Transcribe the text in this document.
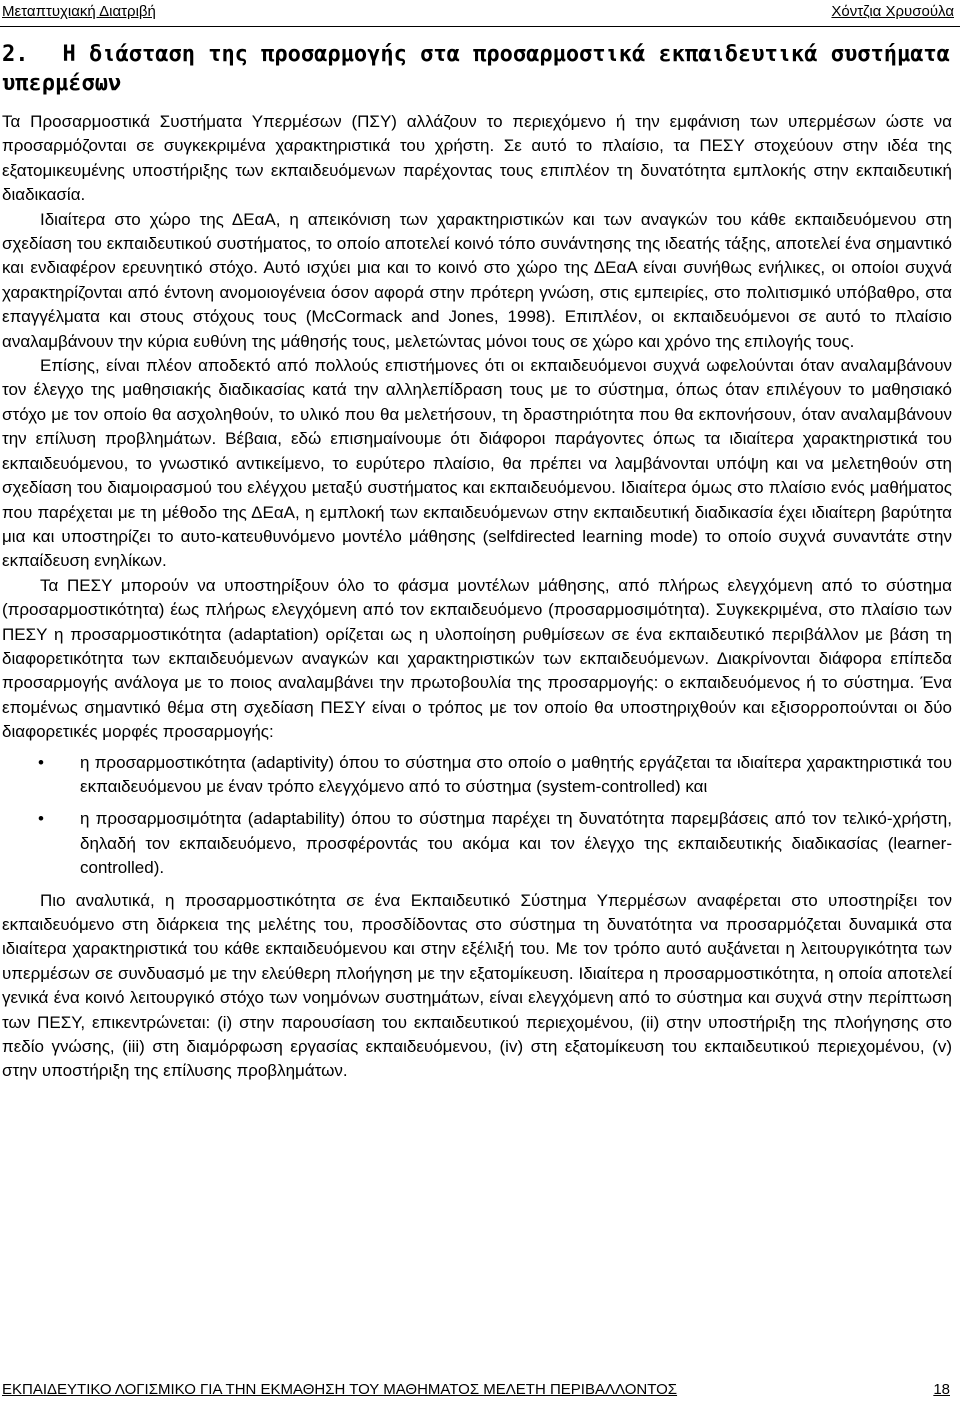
Μεταπτυχιακή Διατριβή	Χόντζια Χρυσούλα
2. Η διάσταση της προσαρμογής στα προσαρμοστικά εκπαιδευτικά συστήματα υπερμέσων

Τα Προσαρμοστικά Συστήματα Υπερμέσων (ΠΣΥ) αλλάζουν το περιεχόμενο ή την εμφάνιση των υπερμέσων ώστε να προσαρμόζονται σε συγκεκριμένα χαρακτηριστικά του χρήστη. Σε αυτό το πλαίσιο, τα ΠΕΣΥ στοχεύουν στην ιδέα της εξατομικευμένης υποστήριξης των εκπαιδευόμενων παρέχοντας τους επιπλέον τη δυνατότητα εμπλοκής στην εκπαιδευτική διαδικασία.

Ιδιαίτερα στο χώρο της ΔΕαΑ, η απεικόνιση των χαρακτηριστικών και των αναγκών του κάθε εκπαιδευόμενου στη σχεδίαση του εκπαιδευτικού συστήματος, το οποίο αποτελεί κοινό τόπο συνάντησης της ιδεατής τάξης, αποτελεί ένα σημαντικό και ενδιαφέρον ερευνητικό στόχο. Αυτό ισχύει μια και το κοινό στο χώρο της ΔΕαΑ είναι συνήθως ενήλικες, οι οποίοι συχνά χαρακτηρίζονται από έντονη ανομοιογένεια όσον αφορά στην πρότερη γνώση, στις εμπειρίες, στο πολιτισμικό υπόβαθρο, στα επαγγέλματα και στους στόχους τους (McCormack and Jones, 1998). Επιπλέον, οι εκπαιδευόμενοι σε αυτό το πλαίσιο αναλαμβάνουν την κύρια ευθύνη της μάθησής τους, μελετώντας μόνοι τους σε χώρο και χρόνο της επιλογής τους.

Επίσης, είναι πλέον αποδεκτό από πολλούς επιστήμονες ότι οι εκπαιδευόμενοι συχνά ωφελούνται όταν αναλαμβάνουν τον έλεγχο της μαθησιακής διαδικασίας κατά την αλληλεπίδραση τους με το σύστημα, όπως όταν επιλέγουν το μαθησιακό στόχο με τον οποίο θα ασχοληθούν, το υλικό που θα μελετήσουν, τη δραστηριότητα που θα εκπονήσουν, όταν αναλαμβάνουν την επίλυση προβλημάτων. Βέβαια, εδώ επισημαίνουμε ότι διάφοροι παράγοντες όπως τα ιδιαίτερα χαρακτηριστικά του εκπαιδευόμενου, το γνωστικό αντικείμενο, το ευρύτερο πλαίσιο, θα πρέπει να λαμβάνονται υπόψη και να μελετηθούν στη σχεδίαση του διαμοιρασμού του ελέγχου μεταξύ συστήματος και εκπαιδευόμενου. Ιδιαίτερα όμως στο πλαίσιο ενός μαθήματος που παρέχεται με τη μέθοδο της ΔΕαΑ, η εμπλοκή των εκπαιδευόμενων στην εκπαιδευτική διαδικασία έχει ιδιαίτερη βαρύτητα μια και υποστηρίζει το αυτο-κατευθυνόμενο μοντέλο μάθησης (selfdirected learning mode) το οποίο συχνά συναντάτε στην εκπαίδευση ενηλίκων.

Τα ΠΕΣΥ μπορούν να υποστηρίξουν όλο το φάσμα μοντέλων μάθησης, από πλήρως ελεγχόμενη από το σύστημα (προσαρμοστικότητα) έως πλήρως ελεγχόμενη από τον εκπαιδευόμενο (προσαρμοσιμότητα). Συγκεκριμένα, στο πλαίσιο των ΠΕΣΥ η προσαρμοστικότητα (adaptation) ορίζεται ως η υλοποίηση ρυθμίσεων σε ένα εκπαιδευτικό περιβάλλον με βάση τη διαφορετικότητα των εκπαιδευόμενων αναγκών και χαρακτηριστικών των εκπαιδευόμενων. Διακρίνονται διάφορα επίπεδα προσαρμογής ανάλογα με το ποιος αναλαμβάνει την πρωτοβουλία της προσαρμογής: ο εκπαιδευόμενος ή το σύστημα. Ένα επομένως σημαντικό θέμα στη σχεδίαση ΠΕΣΥ είναι ο τρόπος με τον οποίο θα υποστηριχθούν και εξισορροπούνται οι δύο διαφορετικές μορφές προσαρμογής:

• η προσαρμοστικότητα (adaptivity) όπου το σύστημα στο οποίο ο μαθητής εργάζεται τα ιδιαίτερα χαρακτηριστικά του εκπαιδευόμενου με έναν τρόπο ελεγχόμενο από το σύστημα (system-controlled) και
• η προσαρμοσιμότητα (adaptability) όπου το σύστημα παρέχει τη δυνατότητα παρεμβάσεις από τον τελικό-χρήστη, δηλαδή τον εκπαιδευόμενο, προσφέροντάς του ακόμα και τον έλεγχο της εκπαιδευτικής διαδικασίας (learner-controlled).

Πιο αναλυτικά, η προσαρμοστικότητα σε ένα Εκπαιδευτικό Σύστημα Υπερμέσων αναφέρεται στο υποστηρίξει τον εκπαιδευόμενο στη διάρκεια της μελέτης του, προσδίδοντας στο σύστημα τη δυνατότητα να προσαρμόζεται δυναμικά στα ιδιαίτερα χαρακτηριστικά του κάθε εκπαιδευόμενου και στην εξέλιξή του. Με τον τρόπο αυτό αυξάνεται η λειτουργικότητα των υπερμέσων σε συνδυασμό με την ελεύθερη πλοήγηση με την εξατομίκευση. Ιδιαίτερα η προσαρμοστικότητα, η οποία αποτελεί γενικά ένα κοινό λειτουργικό στόχο των νοημόνων συστημάτων, είναι ελεγχόμενη από το σύστημα και συχνά στην περίπτωση των ΠΕΣΥ, επικεντρώνεται: (i) στην παρουσίαση του εκπαιδευτικού περιεχομένου, (ii) στην υποστήριξη της πλοήγησης στο πεδίο γνώσης, (iii) στη διαμόρφωση εργασίας εκπαιδευόμενου, (iv) στη εξατομίκευση του εκπαιδευτικού περιεχομένου, (v) στην υποστήριξη της επίλυσης προβλημάτων.

ΕΚΠΑΙΔΕΥΤΙΚΟ ΛΟΓΙΣΜΙΚΟ ΓΙΑ ΤΗΝ ΕΚΜΑΘΗΣΗ ΤΟΥ ΜΑΘΗΜΑΤΟΣ ΜΕΛΕΤΗ ΠΕΡΙΒΑΛΛΟΝΤΟΣ	18
